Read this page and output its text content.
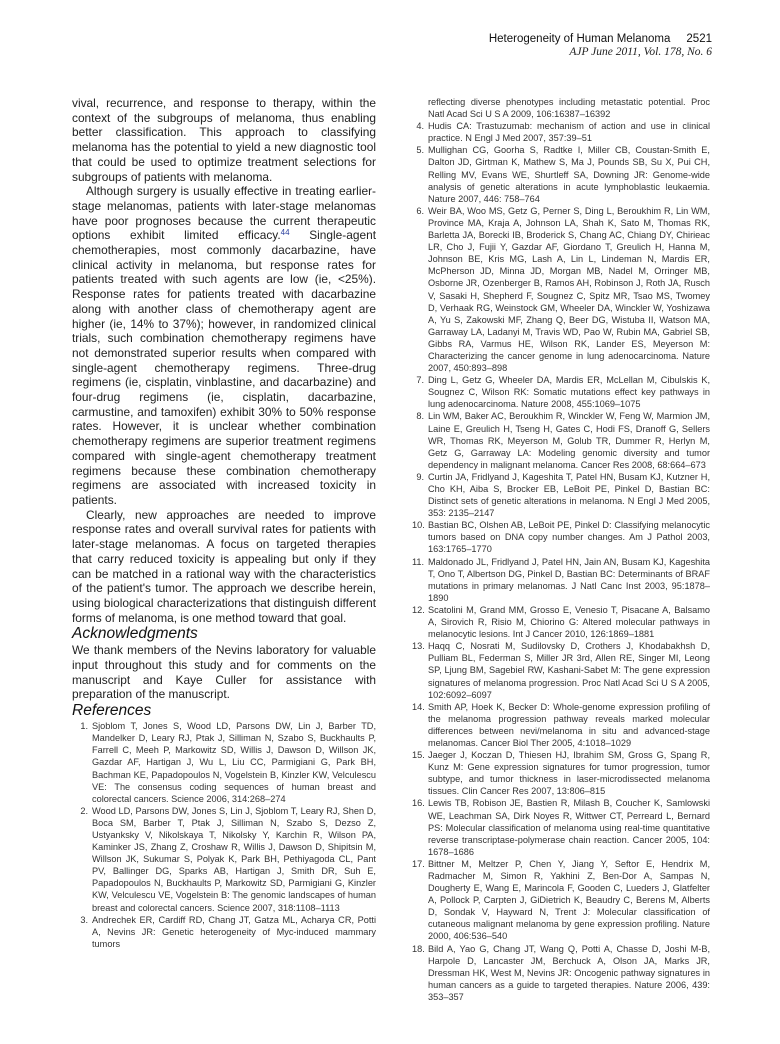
Heterogeneity of Human Melanoma 2521
AJP June 2011, Vol. 178, No. 6

vival, recurrence, and response to therapy, within the context of the subgroups of melanoma, thus enabling better classification. This approach to classifying melanoma has the potential to yield a new diagnostic tool that could be used to optimize treatment selections for subgroups of patients with melanoma.

Although surgery is usually effective in treating earlier-stage melanomas, patients with later-stage melanomas have poor prognoses because the current therapeutic options exhibit limited efficacy.$^{44}$ Single-agent chemotherapies, most commonly dacarbazine, have clinical activity in melanoma, but response rates for patients treated with such agents are low (ie, <25%). Response rates for patients treated with dacarbazine along with another class of chemotherapy agent are higher (ie, 14% to 37%); however, in randomized clinical trials, such combination chemotherapy regimens have not demonstrated superior results when compared with single-agent chemotherapy regimens. Three-drug regimens (ie, cisplatin, vinblastine, and dacarbazine) and four-drug regimens (ie, cisplatin, dacarbazine, carmustine, and tamoxifen) exhibit 30% to 50% response rates. However, it is unclear whether combination chemotherapy regimens are superior treatment regimens compared with single-agent chemotherapy treatment regimens because these combination chemotherapy regimens are associated with increased toxicity in patients.

Clearly, new approaches are needed to improve response rates and overall survival rates for patients with later-stage melanomas. A focus on targeted therapies that carry reduced toxicity is appealing but only if they can be matched in a rational way with the characteristics of the patient's tumor. The approach we describe herein, using biological characterizations that distinguish different forms of melanoma, is one method toward that goal.

Acknowledgments

We thank members of the Nevins laboratory for valuable input throughout this study and for comments on the manuscript and Kaye Culler for assistance with preparation of the manuscript.

References
1. Sjoblom T, Jones S, Wood LD, Parsons DW, Lin J, Barber TD, Mandelker D, Leary RJ, Ptak J, Silliman N, Szabo S, Buckhaults P, Farrell C, Meeh P, Markowitz SD, Willis J, Dawson D, Willson JK, Gazdar AF, Hartigan J, Wu L, Liu CC, Parmigiani G, Park BH, Bachman KE, Papadopoulos N, Vogelstein B, Kinzler KW, Velculescu VE: The consensus coding sequences of human breast and colorectal cancers. Science 2006, 314:268–274
2. Wood LD, Parsons DW, Jones S, Lin J, Sjoblom T, Leary RJ, Shen D, Boca SM, Barber T, Ptak J, Silliman N, Szabo S, Dezso Z, Ustyanksky V, Nikolskaya T, Nikolsky Y, Karchin R, Wilson PA, Kaminker JS, Zhang Z, Croshaw R, Willis J, Dawson D, Shipitsin M, Willson JK, Sukumar S, Polyak K, Park BH, Pethiyagoda CL, Pant PV, Ballinger DG, Sparks AB, Hartigan J, Smith DR, Suh E, Papadopoulos N, Buckhaults P, Markowitz SD, Parmigiani G, Kinzler KW, Velculescu VE, Vogelstein B: The genomic landscapes of human breast and colorectal cancers. Science 2007, 318:1108–1113
3. Andrechek ER, Cardiff RD, Chang JT, Gatza ML, Acharya CR, Potti A, Nevins JR: Genetic heterogeneity of Myc-induced mammary tumors
reflecting diverse phenotypes including metastatic potential. Proc Natl Acad Sci U S A 2009, 106:16387–16392
4. Hudis CA: Trastuzumab: mechanism of action and use in clinical practice. N Engl J Med 2007, 357:39–51
5. Mullighan CG, Goorha S, Radtke I, Miller CB, Coustan-Smith E, Dalton JD, Girtman K, Mathew S, Ma J, Pounds SB, Su X, Pui CH, Relling MV, Evans WE, Shurtleff SA, Downing JR: Genome-wide analysis of genetic alterations in acute lymphoblastic leukaemia. Nature 2007, 446: 758–764
6. Weir BA, Woo MS, Getz G, Perner S, Ding L, Beroukhim R, Lin WM, Province MA, Kraja A, Johnson LA, Shah K, Sato M, Thomas RK, Barletta JA, Borecki IB, Broderick S, Chang AC, Chiang DY, Chirieac LR, Cho J, Fujii Y, Gazdar AF, Giordano T, Greulich H, Hanna M, Johnson BE, Kris MG, Lash A, Lin L, Lindeman N, Mardis ER, McPherson JD, Minna JD, Morgan MB, Nadel M, Orringer MB, Osborne JR, Ozenberger B, Ramos AH, Robinson J, Roth JA, Rusch V, Sasaki H, Shepherd F, Sougnez C, Spitz MR, Tsao MS, Twomey D, Verhaak RG, Weinstock GM, Wheeler DA, Winckler W, Yoshizawa A, Yu S, Zakowski MF, Zhang Q, Beer DG, Wistuba II, Watson MA, Garraway LA, Ladanyi M, Travis WD, Pao W, Rubin MA, Gabriel SB, Gibbs RA, Varmus HE, Wilson RK, Lander ES, Meyerson M: Characterizing the cancer genome in lung adenocarcinoma. Nature 2007, 450:893–898
7. Ding L, Getz G, Wheeler DA, Mardis ER, McLellan M, Cibulskis K, Sougnez C, Wilson RK: Somatic mutations effect key pathways in lung adenocarcinoma. Nature 2008, 455:1069–1075
8. Lin WM, Baker AC, Beroukhim R, Winckler W, Feng W, Marmion JM, Laine E, Greulich H, Tseng H, Gates C, Hodi FS, Dranoff G, Sellers WR, Thomas RK, Meyerson M, Golub TR, Dummer R, Herlyn M, Getz G, Garraway LA: Modeling genomic diversity and tumor dependency in malignant melanoma. Cancer Res 2008, 68:664–673
9. Curtin JA, Fridlyand J, Kageshita T, Patel HN, Busam KJ, Kutzner H, Cho KH, Aiba S, Brocker EB, LeBoit PE, Pinkel D, Bastian BC: Distinct sets of genetic alterations in melanoma. N Engl J Med 2005, 353: 2135–2147
10. Bastian BC, Olshen AB, LeBoit PE, Pinkel D: Classifying melanocytic tumors based on DNA copy number changes. Am J Pathol 2003, 163:1765–1770
11. Maldonado JL, Fridlyand J, Patel HN, Jain AN, Busam KJ, Kageshita T, Ono T, Albertson DG, Pinkel D, Bastian BC: Determinants of BRAF mutations in primary melanomas. J Natl Canc Inst 2003, 95:1878–1890
12. Scatolini M, Grand MM, Grosso E, Venesio T, Pisacane A, Balsamo A, Sirovich R, Risio M, Chiorino G: Altered molecular pathways in melanocytic lesions. Int J Cancer 2010, 126:1869–1881
13. Haqq C, Nosrati M, Sudilovsky D, Crothers J, Khodabakhsh D, Pulliam BL, Federman S, Miller JR 3rd, Allen RE, Singer MI, Leong SP, Ljung BM, Sagebiel RW, Kashani-Sabet M: The gene expression signatures of melanoma progression. Proc Natl Acad Sci U S A 2005, 102:6092–6097
14. Smith AP, Hoek K, Becker D: Whole-genome expression profiling of the melanoma progression pathway reveals marked molecular differences between nevi/melanoma in situ and advanced-stage melanomas. Cancer Biol Ther 2005, 4:1018–1029
15. Jaeger J, Koczan D, Thiesen HJ, Ibrahim SM, Gross G, Spang R, Kunz M: Gene expression signatures for tumor progression, tumor subtype, and tumor thickness in laser-microdissected melanoma tissues. Clin Cancer Res 2007, 13:806–815
16. Lewis TB, Robison JE, Bastien R, Milash B, Coucher K, Samlowski WE, Leachman SA, Dirk Noyes R, Wittwer CT, Perreard L, Bernard PS: Molecular classification of melanoma using real-time quantitative reverse transcriptase-polymerase chain reaction. Cancer 2005, 104: 1678–1686
17. Bittner M, Meltzer P, Chen Y, Jiang Y, Seftor E, Hendrix M, Radmacher M, Simon R, Yakhini Z, Ben-Dor A, Sampas N, Dougherty E, Wang E, Marincola F, Gooden C, Lueders J, Glatfelter A, Pollock P, Carpten J, GiDietrich K, Beaudry C, Berens M, Alberts D, Sondak V, Hayward N, Trent J: Molecular classification of cutaneous malignant melanoma by gene expression profiling. Nature 2000, 406:536–540
18. Bild A, Yao G, Chang JT, Wang Q, Potti A, Chasse D, Joshi M-B, Harpole D, Lancaster JM, Berchuck A, Olson JA, Marks JR, Dressman HK, West M, Nevins JR: Oncogenic pathway signatures in human cancers as a guide to targeted therapies. Nature 2006, 439: 353–357
